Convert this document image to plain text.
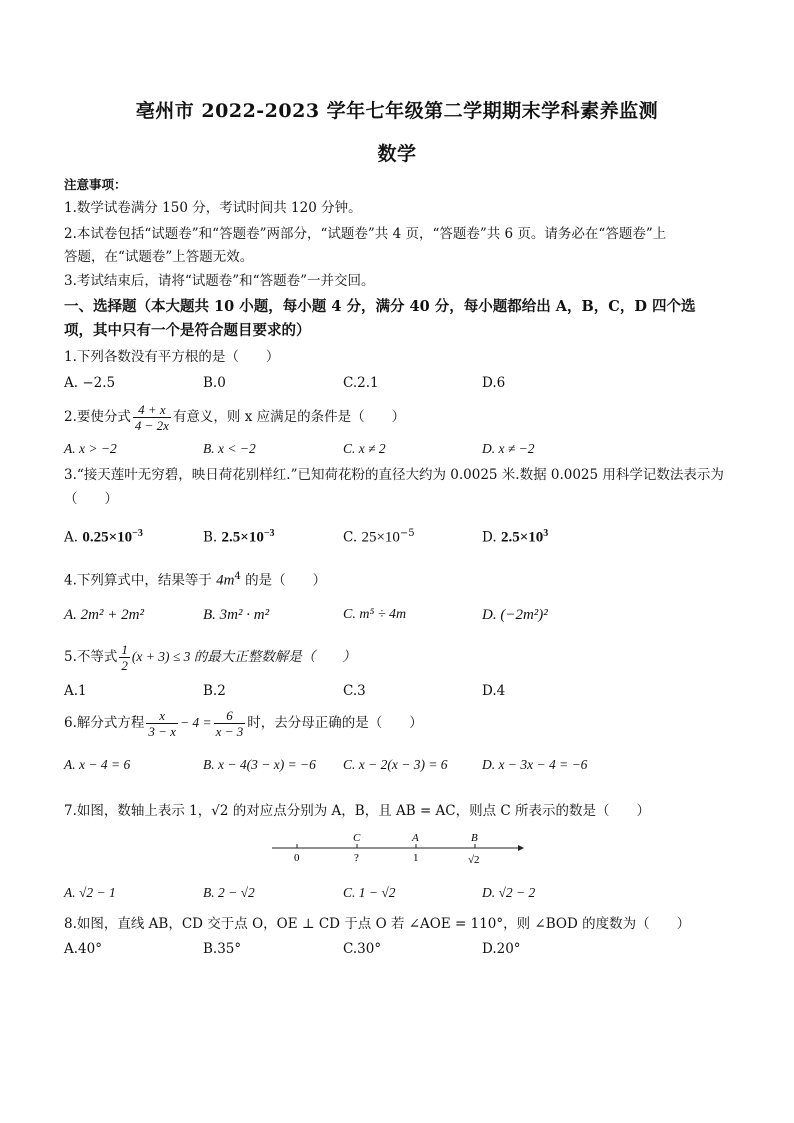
亳州市 2022-2023 学年七年级第二学期期末学科素养监测
数学
注意事项：
1.数学试卷满分 150 分，考试时间共 120 分钟。
2.本试卷包括“试题卷”和“答题卷”两部分，“试题卷”共 4 页，“答题卷”共 6 页。请务必在“答题卷”上
答题，在“试题卷”上答题无效。
3.考试结束后，请将“试题卷”和“答题卷”一并交回。
一、选择题（本大题共 10 小题，每小题 4 分，满分 40 分，每小题都给出 A，B，C，D 四个选
项，其中只有一个是符合题目要求的）
1.下列各数没有平方根的是（　　）
A. −2.5	B.0	C.2.1	D.6
2.要使分式 $\frac{4 + x}{4 - 2x}$ 有意义，则 x 应满足的条件是（　　）
A. x > −2	B. x < −2	C. x ≠ 2	D. x ≠ −2
3.“接天莲叶无穷碧，映日荷花别样红.”已知荷花粉的直径大约为 0.0025 米.数据 0.0025 用科学记数法表示为
（　　）
A. $0.25\times 10^{-3}$	B. $2.5\times 10^{-3}$	C. $25\times 10^{-5}$	D. $2.5\times 10^3$
4.下列算式中，结果等于 $4m^4$ 的是（　　）
A. 2m² + 2m²	B. 3m² · m²	C. m⁵ ÷ 4m	D. (−2m²)²
5.不等式 $\frac{1}{2} (x + 3) \le 3$ 的最大正整数解是（　　）
A.1	B.2	C.3	D.4
6.解分式方程 $\frac{x}{3 - x} - 4 = \frac{6}{x - 3}$ 时，去分母正确的是（　　）
A. x − 4 = 6	B. x − 4(3 − x) = −6 C. x − 2(x − 3) = 6	D. x − 3x − 4 = −6
7.如图，数轴上表示 1，√2 的对应点分别为 A，B，且 AB = AC，则点 C 所表示的数是（　　）
C	A	B
0	?	1	√2
A. √2 − 1	B. 2 − √2	C. 1 − √2	D. √2 − 2
8.如图，直线 AB，CD 交于点 O，OE ⊥ CD 于点 O 若 ∠AOE = 110°，则 ∠BOD 的度数为（　　）
A.40°	B.35°	C.30°	D.20°
